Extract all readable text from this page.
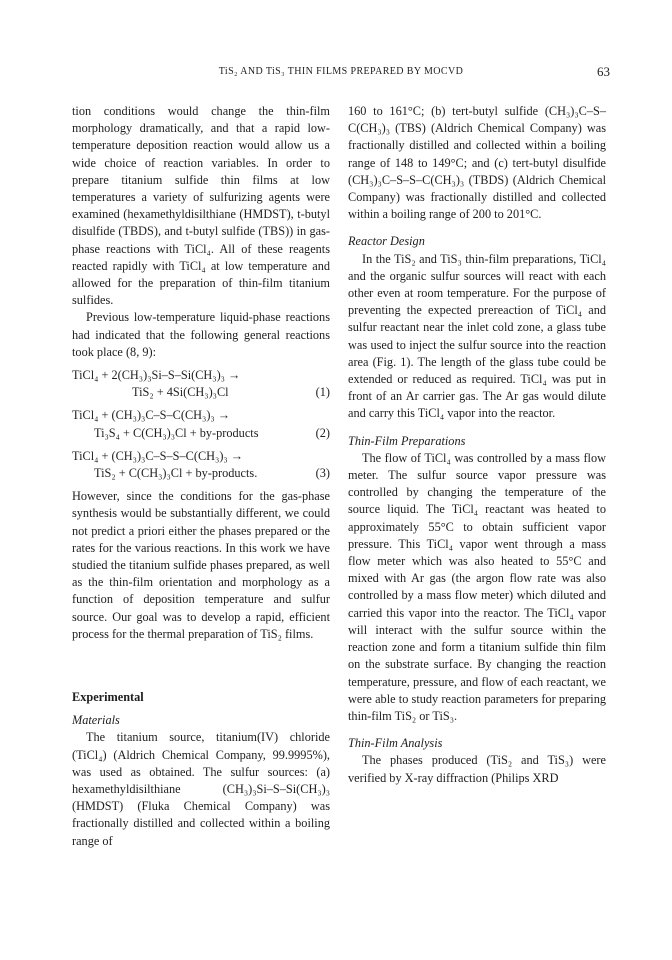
TiS₂ AND TiS₃ THIN FILMS PREPARED BY MOCVD	63

tion conditions would change the thin-film morphology dramatically, and that a rapid low-temperature deposition reaction would allow us a wide choice of reaction variables. In order to prepare titanium sulfide thin films at low temperatures a variety of sulfurizing agents were examined (hexamethyldisilthiane (HMDST), t-butyl disulfide (TBDS), and t-butyl sulfide (TBS)) in gas-phase reactions with TiCl₄. All of these reagents reacted rapidly with TiCl₄ at low temperature and allowed for the preparation of thin-film titanium sulfides.

Previous low-temperature liquid-phase reactions had indicated that the following general reactions took place (8, 9):

TiCl₄ + 2(CH₃)₃Si–S–Si(CH₃)₃ →
TiS₂ + 4Si(CH₃)₃Cl	(1)
TiCl₄ + (CH₃)₃C–S–C(CH₃)₃ →
Ti₃S₄ + C(CH₃)₃Cl + by-products	(2)
TiCl₄ + (CH₃)₃C–S–S–C(CH₃)₃ →
TiS₂ + C(CH₃)₃Cl + by-products.	(3)

However, since the conditions for the gas-phase synthesis would be substantially different, we could not predict a priori either the phases prepared or the rates for the various reactions. In this work we have studied the titanium sulfide phases prepared, as well as the thin-film orientation and morphology as a function of deposition temperature and sulfur source. Our goal was to develop a rapid, efficient process for the thermal preparation of TiS₂ films.

Experimental

Materials

The titanium source, titanium(IV) chloride (TiCl₄) (Aldrich Chemical Company, 99.9995%), was used as obtained. The sulfur sources: (a) hexamethyldisilthiane (CH₃)₃Si–S–Si(CH₃)₃ (HMDST) (Fluka Chemical Company) was fractionally distilled and collected within a boiling range of

160 to 161°C; (b) tert-butyl sulfide (CH₃)₃C–S–C(CH₃)₃ (TBS) (Aldrich Chemical Company) was fractionally distilled and collected within a boiling range of 148 to 149°C; and (c) tert-butyl disulfide (CH₃)₃C–S–S–C(CH₃)₃ (TBDS) (Aldrich Chemical Company) was fractionally distilled and collected within a boiling range of 200 to 201°C.

Reactor Design

In the TiS₂ and TiS₃ thin-film preparations, TiCl₄ and the organic sulfur sources will react with each other even at room temperature. For the purpose of preventing the expected prereaction of TiCl₄ and sulfur reactant near the inlet cold zone, a glass tube was used to inject the sulfur source into the reaction area (Fig. 1). The length of the glass tube could be extended or reduced as required. TiCl₄ was put in front of an Ar carrier gas. The Ar gas would dilute and carry this TiCl₄ vapor into the reactor.

Thin-Film Preparations

The flow of TiCl₄ was controlled by a mass flow meter. The sulfur source vapor pressure was controlled by changing the temperature of the source liquid. The TiCl₄ reactant was heated to approximately 55°C to obtain sufficient vapor pressure. This TiCl₄ vapor went through a mass flow meter which was also heated to 55°C and mixed with Ar gas (the argon flow rate was also controlled by a mass flow meter) which diluted and carried this vapor into the reactor. The TiCl₄ vapor will interact with the sulfur source within the reaction zone and form a titanium sulfide thin film on the substrate surface. By changing the reaction temperature, pressure, and flow of each reactant, we were able to study reaction parameters for preparing thin-film TiS₂ or TiS₃.

Thin-Film Analysis

The phases produced (TiS₂ and TiS₃) were verified by X-ray diffraction (Philips XRD
